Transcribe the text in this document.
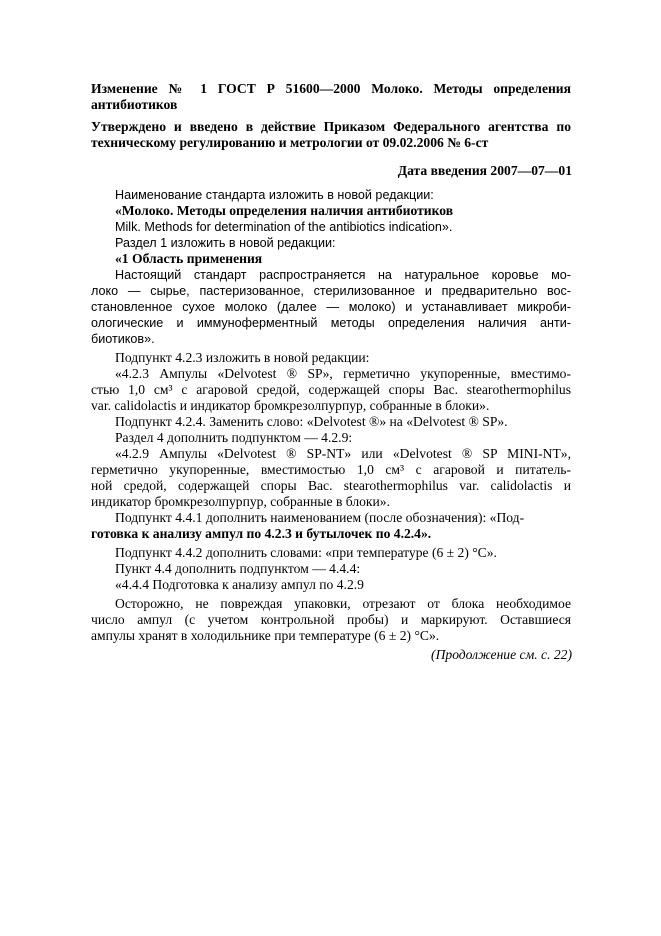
Изменение № 1 ГОСТ Р 51600—2000 Молоко. Методы определения антибиотиков
Утверждено и введено в действие Приказом Федерального агентства по техническому регулированию и метрологии от 09.02.2006 № 6-ст
Дата введения 2007—07—01
Наименование стандарта изложить в новой редакции:
«Молоко. Методы определения наличия антибиотиков
Milk. Methods for determination of the antibiotics indication».
Раздел 1 изложить в новой редакции:
«1 Область применения
Настоящий стандарт распространяется на натуральное коровье мо-
локо — сырье, пастеризованное, стерилизованное и предварительно вос-
становленное сухое молоко (далее — молоко) и устанавливает микроби-
ологические и иммуноферментный методы определения наличия анти-
биотиков».
Подпункт 4.2.3 изложить в новой редакции:
«4.2.3 Ампулы «Delvotest ® SP», герметично укупоренные, вместимо-
стью 1,0 см³ с агаровой средой, содержащей споры Bac. stearothermophilus
var. calidolactis и индикатор бромкрезолпурпур, собранные в блоки».
Подпункт 4.2.4. Заменить слово: «Delvotest ®» на «Delvotest ® SP».
Раздел 4 дополнить подпунктом — 4.2.9:
«4.2.9 Ампулы «Delvotest ® SP-NT» или «Delvotest ® SP MINI-NT»,
герметично укупоренные, вместимостью 1,0 см³ с агаровой и питатель-
ной средой, содержащей споры Bac. stearothermophilus var. calidolactis и
индикатор бромкрезолпурпур, собранные в блоки».
Подпункт 4.4.1 дополнить наименованием (после обозначения): «Под-
готовка к анализу ампул по 4.2.3 и бутылочек по 4.2.4».
Подпункт 4.4.2 дополнить словами: «при температуре (6 ± 2) °С».
Пункт 4.4 дополнить подпунктом — 4.4.4:
«4.4.4 Подготовка к анализу ампул по 4.2.9
Осторожно, не повреждая упаковки, отрезают от блока необходимое
число ампул (с учетом контрольной пробы) и маркируют. Оставшиеся
ампулы хранят в холодильнике при температуре (6 ± 2) °С».
(Продолжение см. с. 22)
